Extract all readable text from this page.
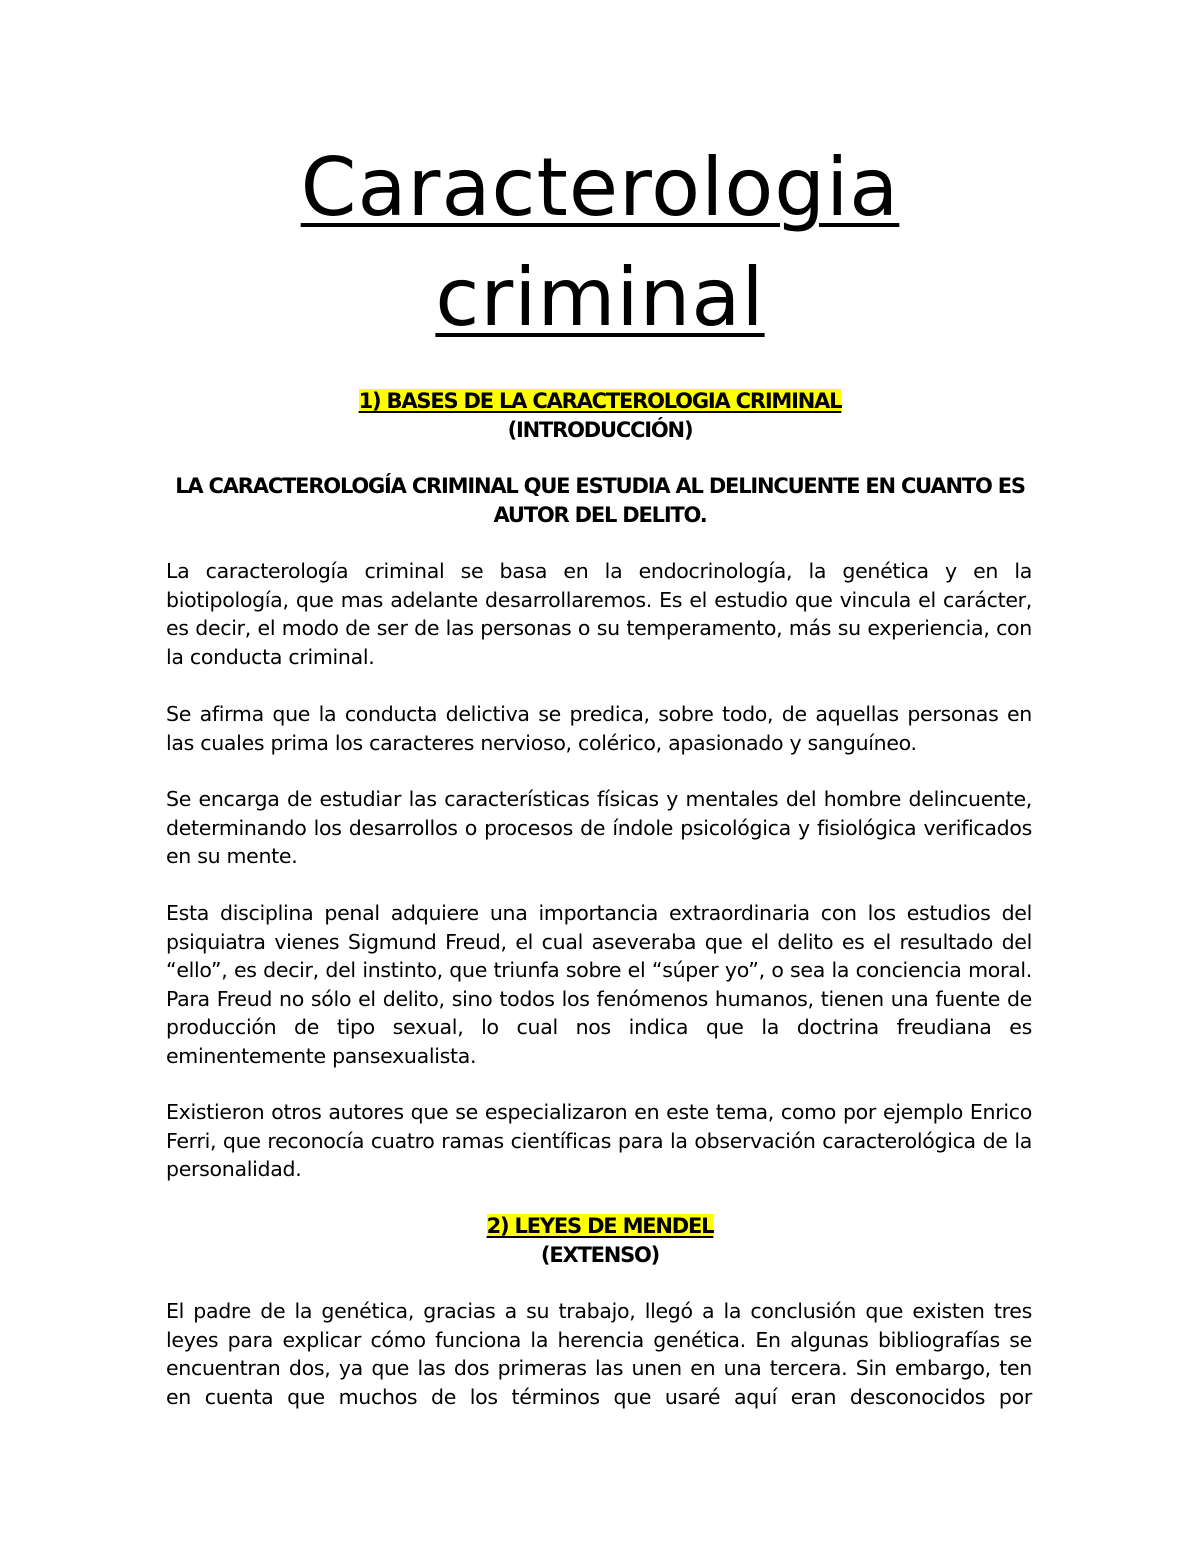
Caracterologia
criminal

1) BASES DE LA CARACTEROLOGIA CRIMINAL

(INTRODUCCIÓN)

LA CARACTEROLOGÍA CRIMINAL QUE ESTUDIA AL DELINCUENTE EN CUANTO ES

AUTOR DEL DELITO.

La caracterología criminal se basa en la endocrinología, la genética y en la biotipología, que mas adelante desarrollaremos. Es el estudio que vincula el carácter, es decir, el modo de ser de las personas o su temperamento, más su experiencia, con la conducta criminal.

Se afirma que la conducta delictiva se predica, sobre todo, de aquellas personas en las cuales prima los caracteres nervioso, colérico, apasionado y sanguíneo.

Se encarga de estudiar las características físicas y mentales del hombre delincuente, determinando los desarrollos o procesos de índole psicológica y fisiológica verificados en su mente.

Esta disciplina penal adquiere una importancia extraordinaria con los estudios del psiquiatra vienes Sigmund Freud, el cual aseveraba que el delito es el resultado del “ello”, es decir, del instinto, que triunfa sobre el “súper yo”, o sea la conciencia moral. Para Freud no sólo el delito, sino todos los fenómenos humanos, tienen una fuente de producción de tipo sexual, lo cual nos indica que la doctrina freudiana es eminentemente pansexualista.

Existieron otros autores que se especializaron en este tema, como por ejemplo Enrico Ferri, que reconocía cuatro ramas científicas para la observación caracterológica de la personalidad.

2) LEYES DE MENDEL

(EXTENSO)

El padre de la genética, gracias a su trabajo, llegó a la conclusión que existen tres leyes para explicar cómo funciona la herencia genética. En algunas bibliografías se encuentran dos, ya que las dos primeras las unen en una tercera. Sin embargo, ten en cuenta que muchos de los términos que usaré aquí eran desconocidos por
